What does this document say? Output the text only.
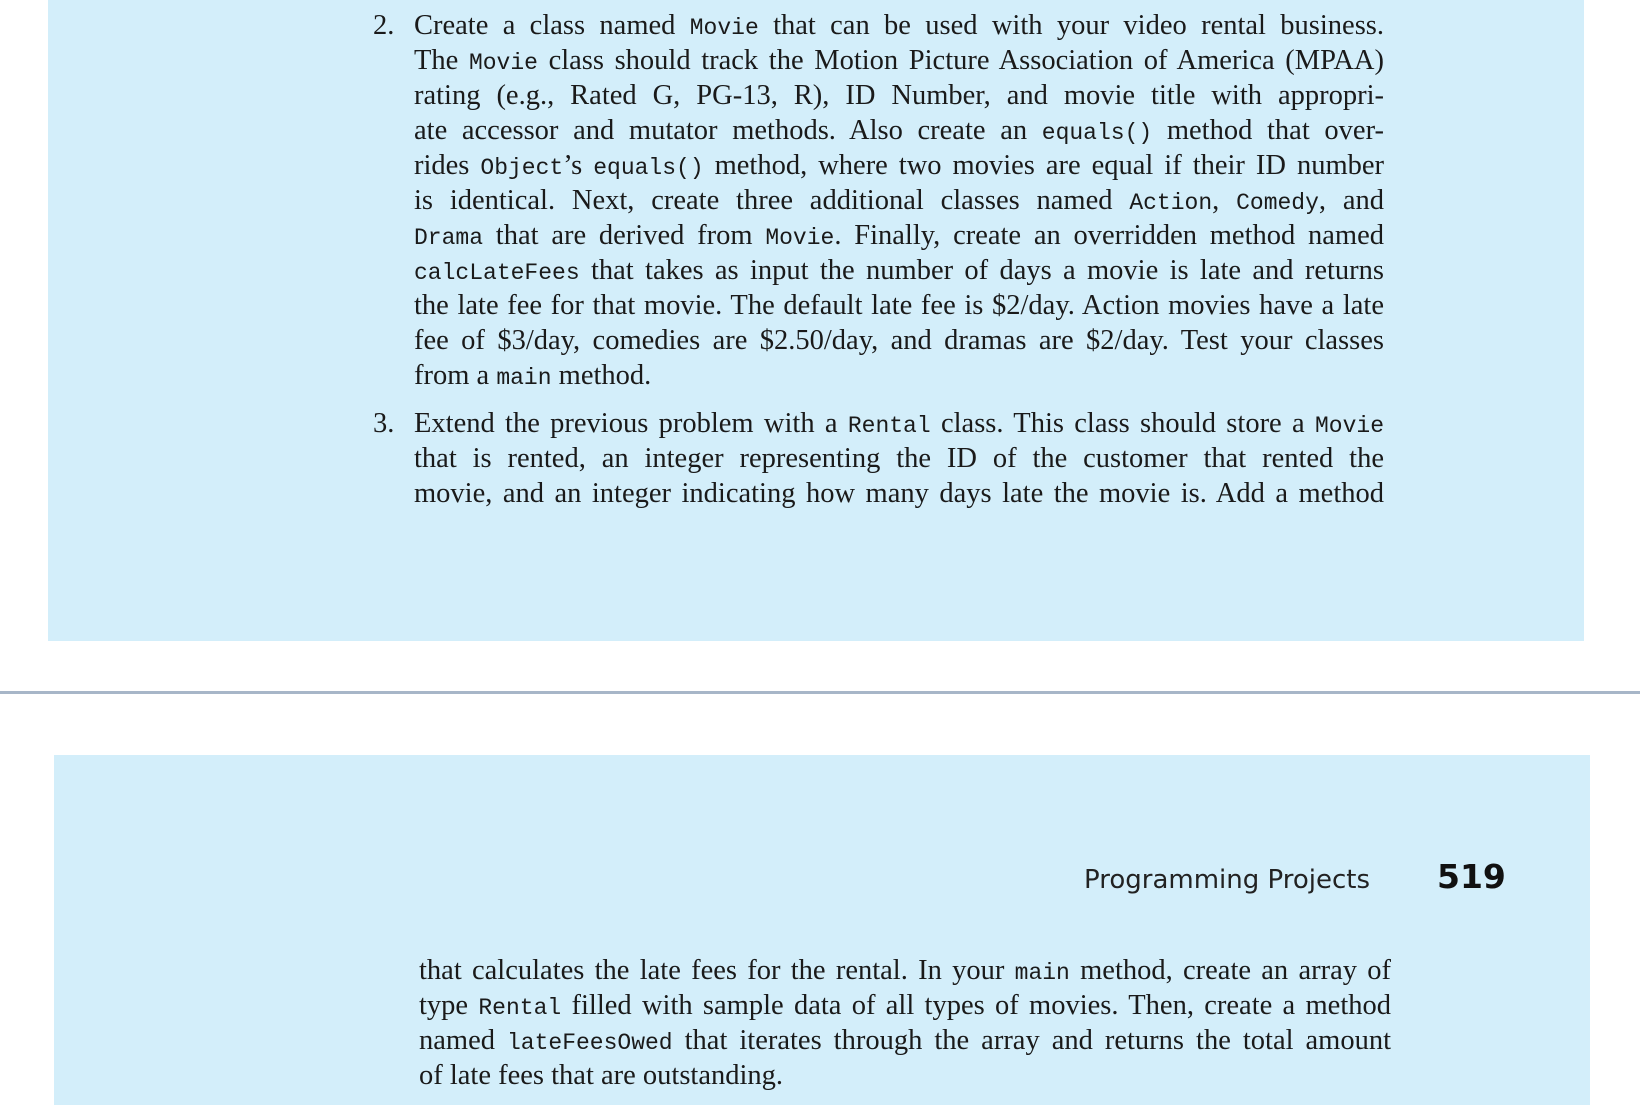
2. Create a class named Movie that can be used with your video rental business.
The Movie class should track the Motion Picture Association of America (MPAA)
rating (e.g., Rated G, PG-13, R), ID Number, and movie title with appropri-
ate accessor and mutator methods. Also create an equals() method that over-
rides Object’s equals() method, where two movies are equal if their ID number
is identical. Next, create three additional classes named Action, Comedy, and
Drama that are derived from Movie. Finally, create an overridden method named
calcLateFees that takes as input the number of days a movie is late and returns
the late fee for that movie. The default late fee is $2/day. Action movies have a late
fee of $3/day, comedies are $2.50/day, and dramas are $2/day. Test your classes
from a main method.
3. Extend the previous problem with a Rental class. This class should store a Movie
that is rented, an integer representing the ID of the customer that rented the
movie, and an integer indicating how many days late the movie is. Add a method
Programming Projects 519
that calculates the late fees for the rental. In your main method, create an array of
type Rental filled with sample data of all types of movies. Then, create a method
named lateFeesOwed that iterates through the array and returns the total amount
of late fees that are outstanding.
